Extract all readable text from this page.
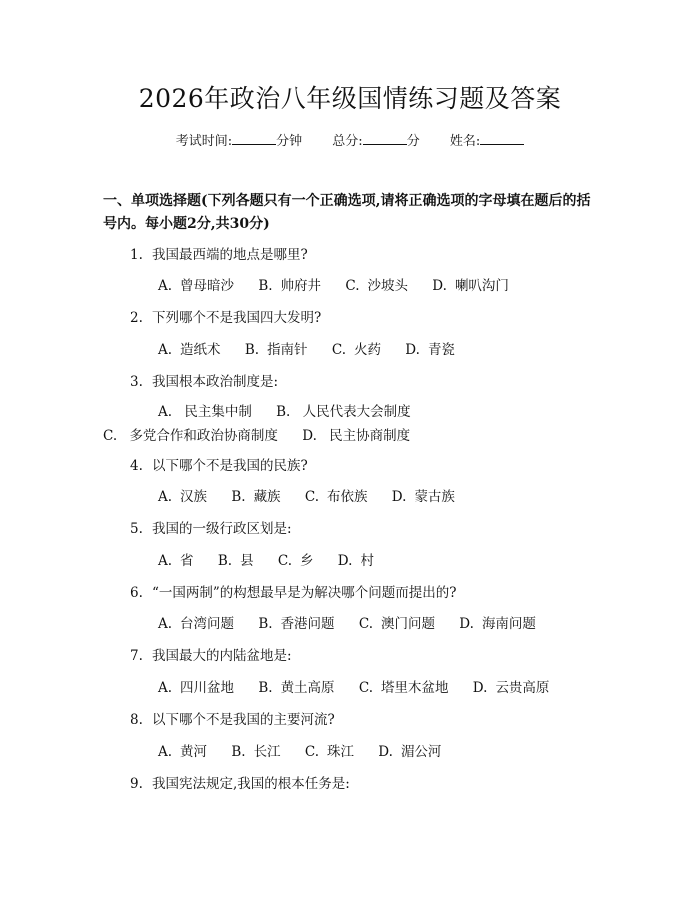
2026年政治八年级国情练习题及答案
考试时间:	分钟 总分:	分 姓名:
一、单项选择题(下列各题只有一个正确选项,请将正确选项的字母填在题后的括号内。每小题2分,共30分)
1. 我国最西端的地点是哪里?
A. 曾母暗沙 B. 帅府井 C. 沙坡头 D. 喇叭沟门
2. 下列哪个不是我国四大发明?
A. 造纸术 B. 指南针 C. 火药 D. 青瓷
3. 我国根本政治制度是:
A. 民主集中制 B. 人民代表大会制度 C. 多党合作和政治协商制度 D. 民主协商制度
4. 以下哪个不是我国的民族?
A. 汉族 B. 藏族 C. 布依族 D. 蒙古族
5. 我国的一级行政区划是:
A. 省 B. 县 C. 乡 D. 村
6. “一国两制”的构想最早是为解决哪个问题而提出的?
A. 台湾问题 B. 香港问题 C. 澳门问题 D. 海南问题
7. 我国最大的内陆盆地是:
A. 四川盆地 B. 黄土高原 C. 塔里木盆地 D. 云贵高原
8. 以下哪个不是我国的主要河流?
A. 黄河 B. 长江 C. 珠江 D. 湄公河
9. 我国宪法规定,我国的根本任务是:
